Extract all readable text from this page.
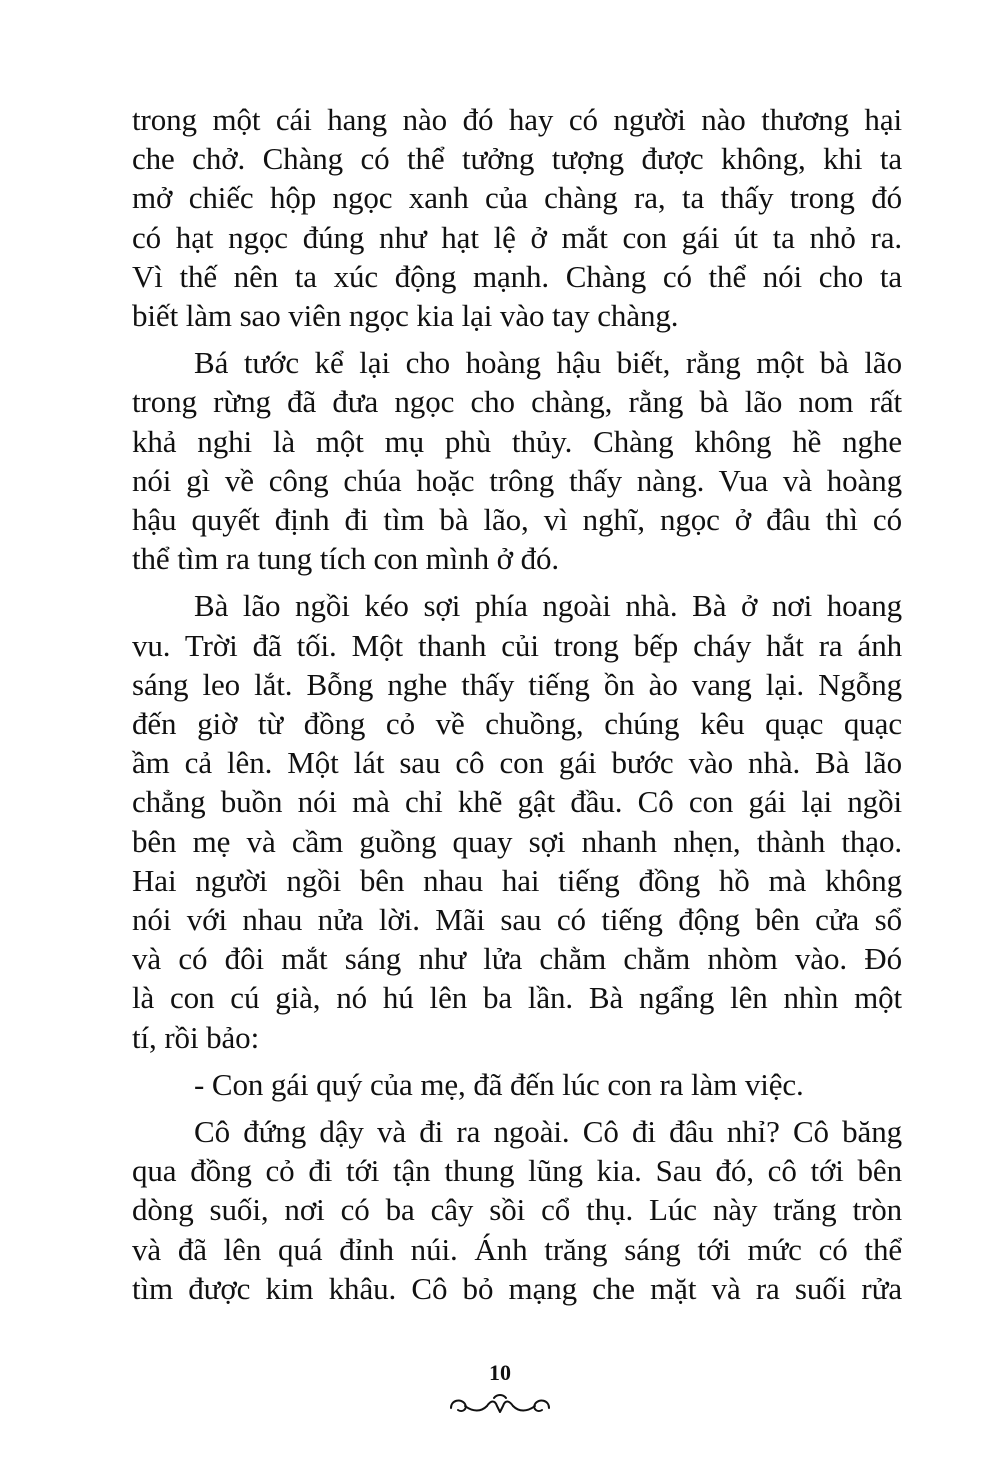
trong một cái hang nào đó hay có người nào thương hại
che chở. Chàng có thể tưởng tượng được không, khi ta
mở chiếc hộp ngọc xanh của chàng ra, ta thấy trong đó
có hạt ngọc đúng như hạt lệ ở mắt con gái út ta nhỏ ra.
Vì thế nên ta xúc động mạnh. Chàng có thể nói cho ta
biết làm sao viên ngọc kia lại vào tay chàng.

Bá tước kể lại cho hoàng hậu biết, rằng một bà lão
trong rừng đã đưa ngọc cho chàng, rằng bà lão nom rất
khả nghi là một mụ phù thủy. Chàng không hề nghe
nói gì về công chúa hoặc trông thấy nàng. Vua và hoàng
hậu quyết định đi tìm bà lão, vì nghĩ, ngọc ở đâu thì có
thể tìm ra tung tích con mình ở đó.

Bà lão ngồi kéo sợi phía ngoài nhà. Bà ở nơi hoang
vu. Trời đã tối. Một thanh củi trong bếp cháy hắt ra ánh
sáng leo lắt. Bỗng nghe thấy tiếng ồn ào vang lại. Ngỗng
đến giờ từ đồng cỏ về chuồng, chúng kêu quạc quạc
ầm cả lên. Một lát sau cô con gái bước vào nhà. Bà lão
chẳng buồn nói mà chỉ khẽ gật đầu. Cô con gái lại ngồi
bên mẹ và cầm guồng quay sợi nhanh nhẹn, thành thạo.
Hai người ngồi bên nhau hai tiếng đồng hồ mà không
nói với nhau nửa lời. Mãi sau có tiếng động bên cửa sổ
và có đôi mắt sáng như lửa chằm chằm nhòm vào. Đó
là con cú già, nó hú lên ba lần. Bà ngẩng lên nhìn một
tí, rồi bảo:

- Con gái quý của mẹ, đã đến lúc con ra làm việc.

Cô đứng dậy và đi ra ngoài. Cô đi đâu nhỉ? Cô băng
qua đồng cỏ đi tới tận thung lũng kia. Sau đó, cô tới bên
dòng suối, nơi có ba cây sồi cổ thụ. Lúc này trăng tròn
và đã lên quá đỉnh núi. Ánh trăng sáng tới mức có thể
tìm được kim khâu. Cô bỏ mạng che mặt và ra suối rửa

10
